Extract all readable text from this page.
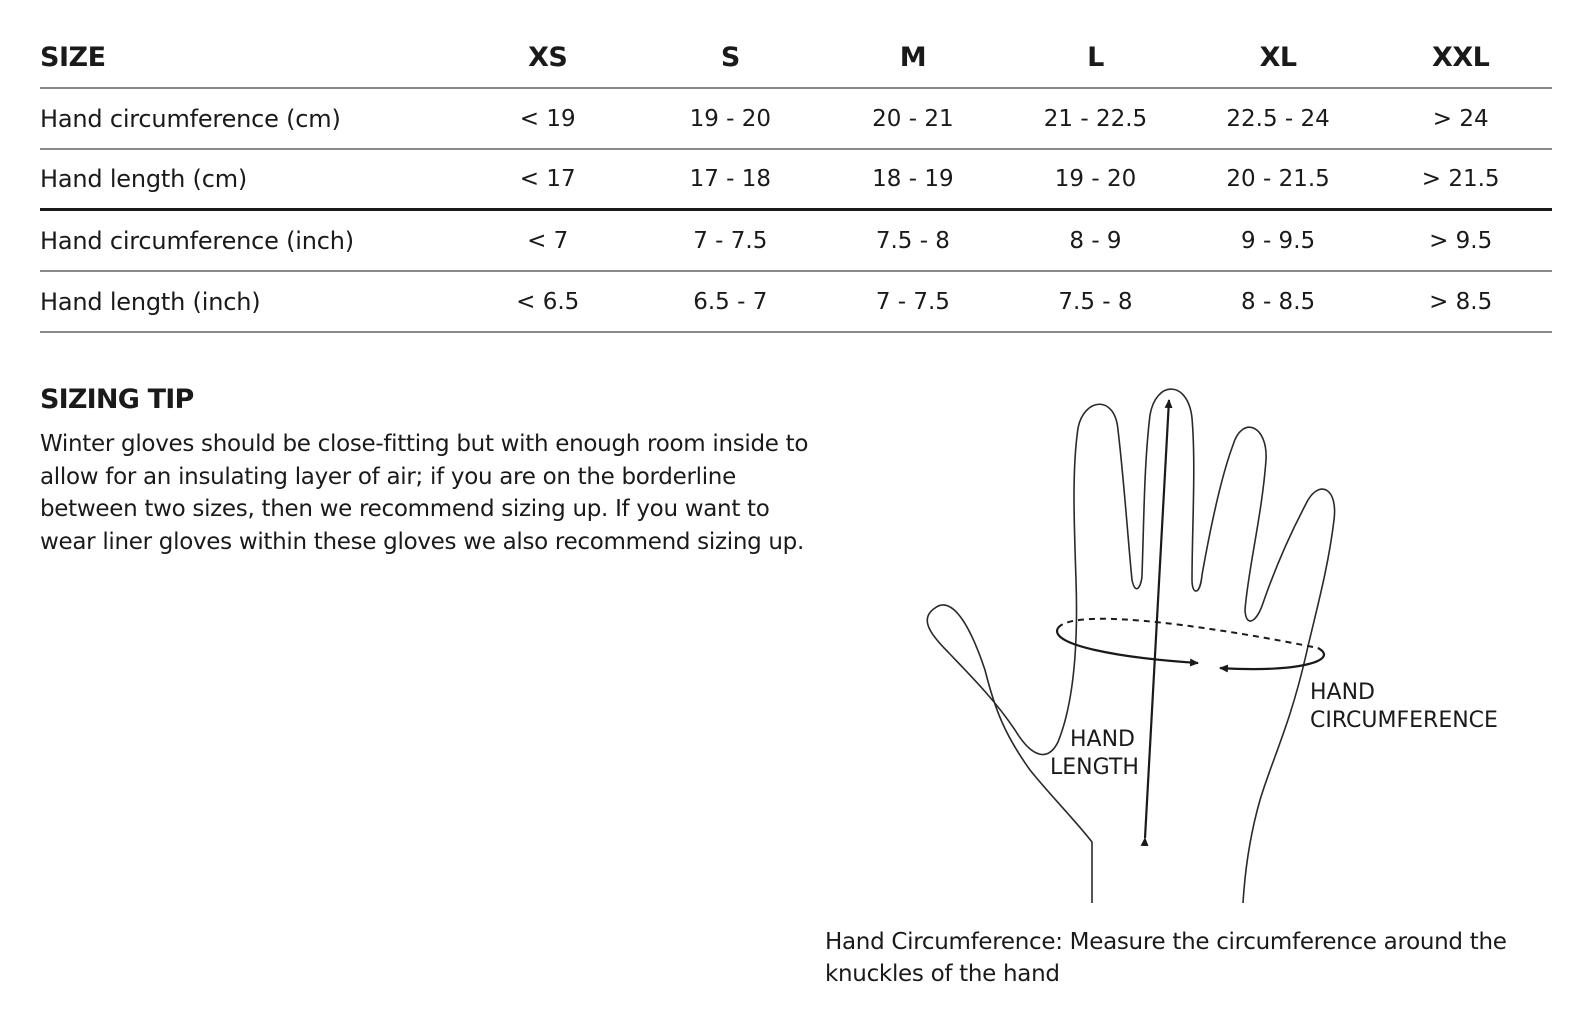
SIZE	XS	S	M	L	XL	XXL
Hand circumference (cm)	< 19	19 - 20	20 - 21	21 - 22.5	22.5 - 24	> 24
Hand length (cm)	< 17	17 - 18	18 - 19	19 - 20	20 - 21.5	> 21.5
Hand circumference (inch)	< 7	7 - 7.5	7.5 - 8	8 - 9	9 - 9.5	> 9.5
Hand length (inch)	< 6.5	6.5 - 7	7 - 7.5	7.5 - 8	8 - 8.5	> 8.5
SIZING TIP

Winter gloves should be close-fitting but with enough room inside to allow for an insulating layer of air; if you are on the borderline between two sizes, then we recommend sizing up. If you want to wear liner gloves within these gloves we also recommend sizing up.

HAND
LENGTH
HAND
CIRCUMFERENCE

Hand Circumference: Measure the circumference around the knuckles of the hand
